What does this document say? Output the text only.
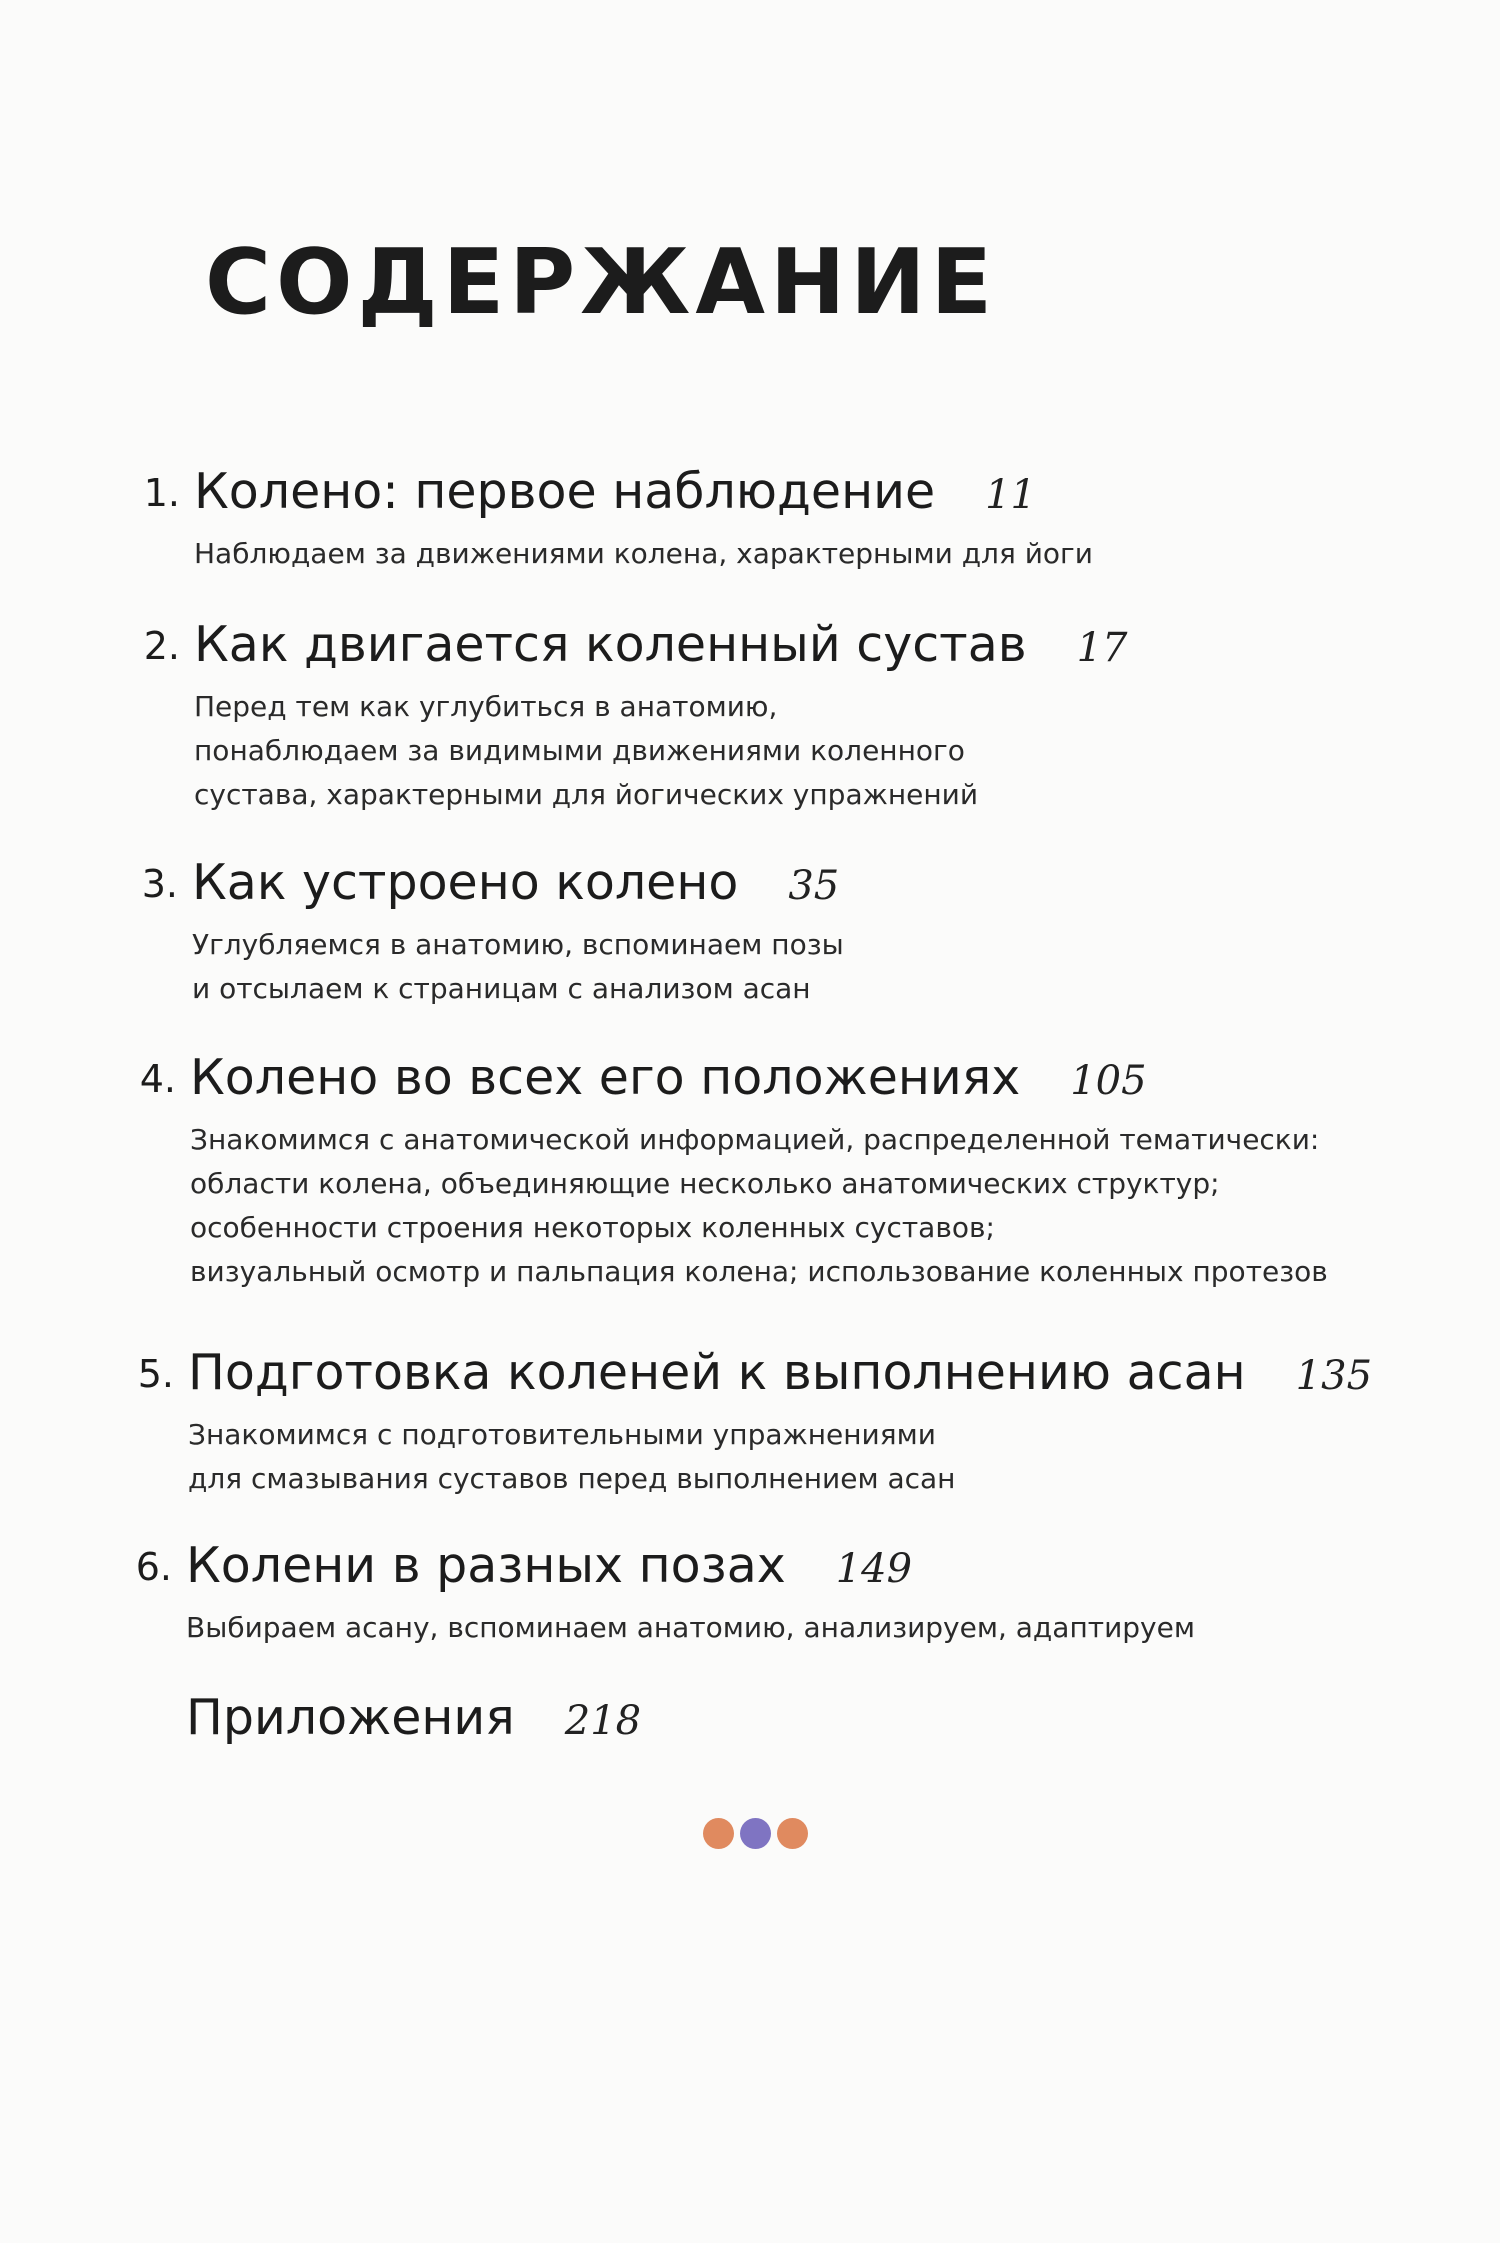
СОДЕРЖАНИЕ
1. Колено: первое наблюдение 11
Наблюдаем за движениями колена, характерными для йоги
2. Как двигается коленный сустав 17
Перед тем как углубиться в анатомию,
понаблюдаем за видимыми движениями коленного
сустава, характерными для йогических упражнений
3. Как устроено колено 35
Углубляемся в анатомию, вспоминаем позы
и отсылаем к страницам с анализом асан
4. Колено во всех его положениях 105
Знакомимся с анатомической информацией, распределенной тематически:
области колена, объединяющие несколько анатомических структур;
особенности строения некоторых коленных суставов;
визуальный осмотр и пальпация колена; использование коленных протезов
5. Подготовка коленей к выполнению асан 135
Знакомимся с подготовительными упражнениями
для смазывания суставов перед выполнением асан
6. Колени в разных позах 149
Выбираем асану, вспоминаем анатомию, анализируем, адаптируем
Приложения 218
